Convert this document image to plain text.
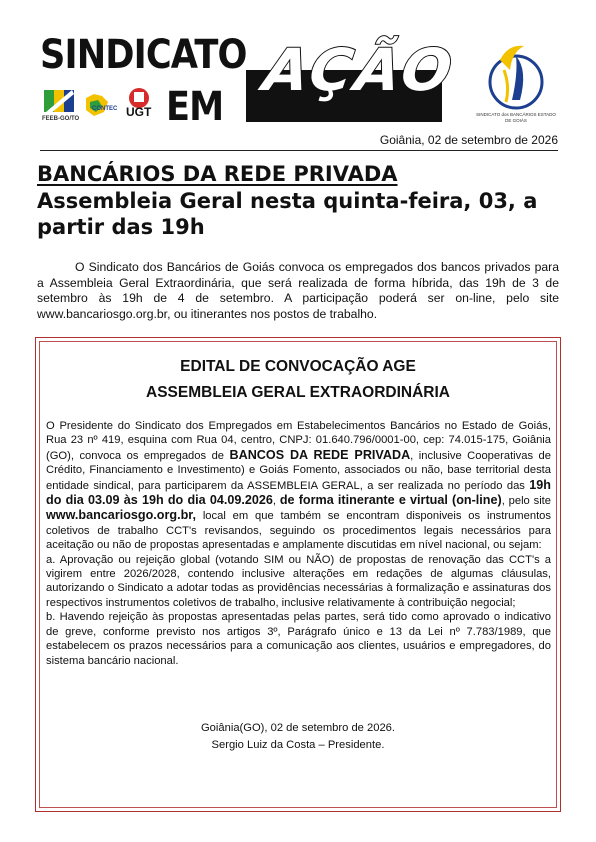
SINDICATO
EM
AÇÃO
FEEB-GO/TO
CONTEC UGT	SINDICATO dos BANCÁRIOS ESTADO DE GOIÁS
Goiânia, 02 de setembro de 2026
BANCÁRIOS DA REDE PRIVADA
Assembleia Geral nesta quinta-feira, 03, a partir das 19h

O Sindicato dos Bancários de Goiás convoca os empregados dos bancos privados para a Assembleia Geral Extraordinária, que será realizada de forma híbrida, das 19h de 3 de setembro às 19h de 4 de setembro. A participação poderá ser on-line, pelo site www.bancariosgo.org.br, ou itinerantes nos postos de trabalho.

EDITAL DE CONVOCAÇÃO AGE
ASSEMBLEIA GERAL EXTRAORDINÁRIA

O Presidente do Sindicato dos Empregados em Estabelecimentos Bancários no Estado de Goiás, Rua 23 nº 419, esquina com Rua 04, centro, CNPJ: 01.640.796/0001-00, cep: 74.015-175, Goiânia (GO), convoca os empregados de BANCOS DA REDE PRIVADA, inclusive Cooperativas de Crédito, Financiamento e Investimento) e Goiás Fomento, associados ou não, base territorial desta entidade sindical, para participarem da ASSEMBLEIA GERAL, a ser realizada no período das 19h do dia 03.09 às 19h do dia 04.09.2026, de forma itinerante e virtual (on-line), pelo site www.bancariosgo.org.br, local em que também se encontram disponiveis os instrumentos coletivos de trabalho CCT's revisandos, seguindo os procedimentos legais necessários para aceitação ou não de propostas apresentadas e amplamente discutidas em nível nacional, ou sejam:

a. Aprovação ou rejeição global (votando SIM ou NÃO) de propostas de renovação das CCT's a vigirem entre 2026/2028, contendo inclusive alterações em redações de algumas cláusulas, autorizando o Sindicato a adotar todas as providências necessárias à formalização e assinaturas dos respectivos instrumentos coletivos de trabalho, inclusive relativamente à contribuição negocial;

b. Havendo rejeição às propostas apresentadas pelas partes, será tido como aprovado o indicativo de greve, conforme previsto nos artigos 3º, Parágrafo único e 13 da Lei nº 7.783/1989, que estabelecem os prazos necessários para a comunicação aos clientes, usuários e empregadores, do sistema bancário nacional.

Goiânia(GO), 02 de setembro de 2026.
Sergio Luiz da Costa – Presidente.
